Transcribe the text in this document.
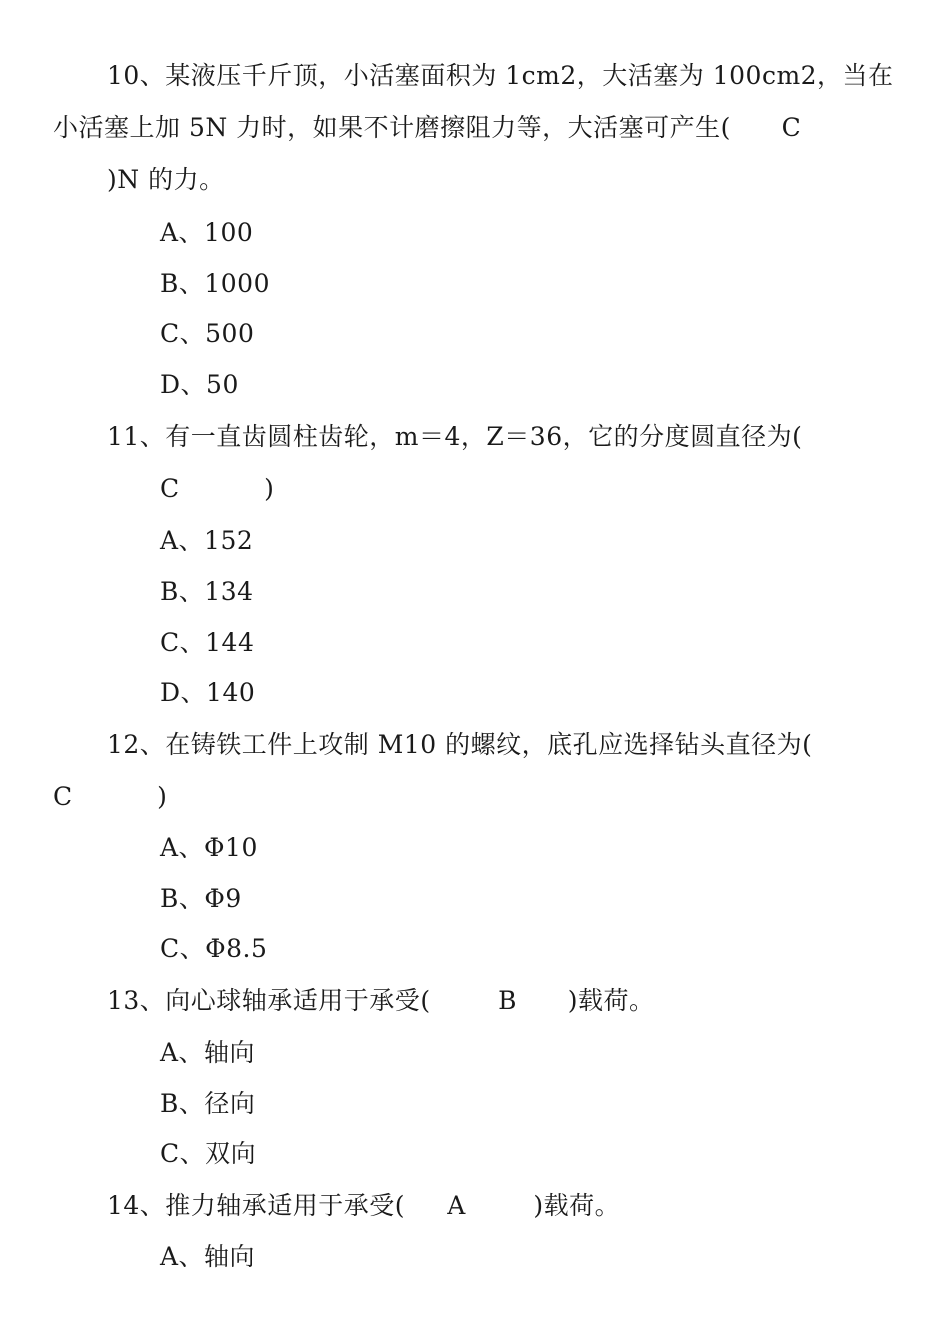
10、某液压千斤顶，小活塞面积为 1cm2，大活塞为 100cm2，当在
小活塞上加 5N 力时，如果不计磨擦阻力等，大活塞可产生(      C
)N 的力。
A、100
B、1000
C、500
D、50
11、有一直齿圆柱齿轮，m＝4，Z＝36，它的分度圆直径为(
C          )
A、152
B、134
C、144
D、140
12、在铸铁工件上攻制 M10 的螺纹，底孔应选择钻头直径为(
C          )
A、Φ10
B、Φ9
C、Φ8.5
13、向心球轴承适用于承受(        B      )载荷。
A、轴向
B、径向
C、双向
14、推力轴承适用于承受(     A        )载荷。
A、轴向
